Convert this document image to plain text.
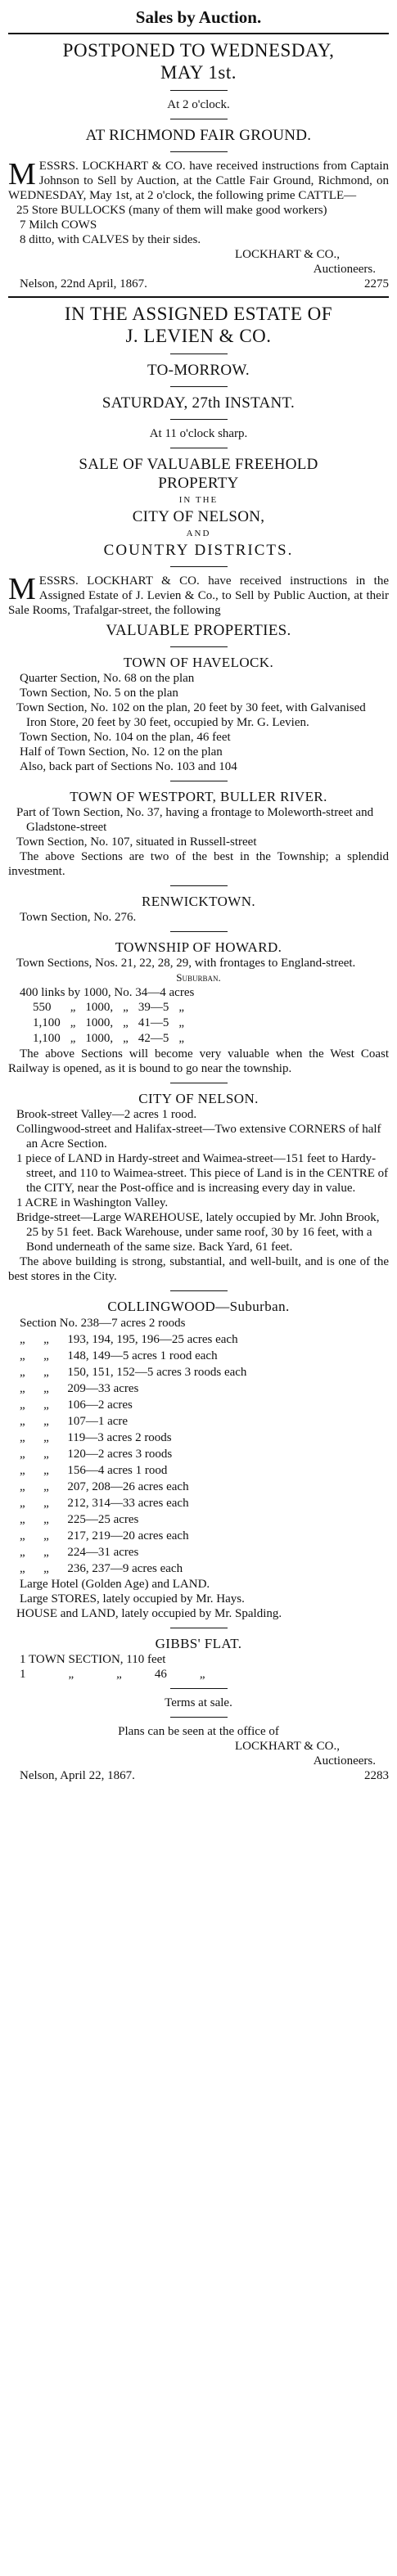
Sales by Auction.
POSTPONED TO WEDNESDAY,
MAY 1st.
At 2 o'clock.
AT RICHMOND FAIR GROUND.
MESSRS. LOCKHART & CO. have received instructions from Captain Johnson to Sell by Auction, at the Cattle Fair Ground, Richmond, on WEDNESDAY, May 1st, at 2 o'clock, the following prime CATTLE—
25 Store BULLOCKS (many of them will make good workers)
7 Milch COWS
8 ditto, with CALVES by their sides.
LOCKHART & CO.,
Auctioneers.
Nelson, 22nd April, 1867.	2275
IN THE ASSIGNED ESTATE OF
J. LEVIEN & CO.
TO-MORROW.
SATURDAY, 27th INSTANT.
At 11 o'clock sharp.
SALE OF VALUABLE FREEHOLD
PROPERTY
IN THE
CITY OF NELSON,
AND
COUNTRY DISTRICTS.
MESSRS. LOCKHART & CO. have received instructions in the Assigned Estate of J. Levien & Co., to Sell by Public Auction, at their Sale Rooms, Trafalgar-street, the following
VALUABLE PROPERTIES.
TOWN OF HAVELOCK.
Quarter Section, No. 68 on the plan
Town Section, No. 5 on the plan
Town Section, No. 102 on the plan, 20 feet by 30 feet, with Galvanised Iron Store, 20 feet by 30 feet, occupied by Mr. G. Levien.
Town Section, No. 104 on the plan, 46 feet
Half of Town Section, No. 12 on the plan
Also, back part of Sections No. 103 and 104
TOWN OF WESTPORT, BULLER RIVER.
Part of Town Section, No. 37, having a frontage to Moleworth-street and Gladstone-street
Town Section, No. 107, situated in Russell-street
The above Sections are two of the best in the Township; a splendid investment.
RENWICKTOWN.
Town Section, No. 276.
TOWNSHIP OF HOWARD.
Town Sections, Nos. 21, 22, 28, 29, with frontages to England-street.
Suburban.
400 links by 1000, No. 34—4 acres
550	„	1000,	„	39—5	„
1,100	„	1000,	„	41—5	„
1,100	„	1000,	„	42—5	„
The above Sections will become very valuable when the West Coast Railway is opened, as it is bound to go near the township.
CITY OF NELSON.
Brook-street Valley—2 acres 1 rood.
Collingwood-street and Halifax-street—Two extensive CORNERS of half an Acre Section.
1 piece of LAND in Hardy-street and Waimea-street—151 feet to Hardy-street, and 110 to Waimea-street. This piece of Land is in the CENTRE of the CITY, near the Post-office and is increasing every day in value.
1 ACRE in Washington Valley.
Bridge-street—Large WAREHOUSE, lately occupied by Mr. John Brook, 25 by 51 feet. Back Warehouse, under same roof, 30 by 16 feet, with a Bond underneath of the same size. Back Yard, 61 feet.
The above building is strong, substantial, and well-built, and is one of the best stores in the City.
COLLINGWOOD—Suburban.
Section No. 238—7 acres 2 roods
„      „      193, 194, 195, 196—25 acres each
„      „      148, 149—5 acres 1 rood each
„      „      150, 151, 152—5 acres 3 roods each
„      „      209—33 acres
„      „      106—2 acres
„      „      107—1 acre
„      „      119—3 acres 2 roods
„      „      120—2 acres 3 roods
„      „      156—4 acres 1 rood
„      „      207, 208—26 acres each
„      „      212, 314—33 acres each
„      „      225—25 acres
„      „      217, 219—20 acres each
„      „      224—31 acres
„      „      236, 237—9 acres each
Large Hotel (Golden Age) and LAND.
Large STORES, lately occupied by Mr. Hays.
HOUSE and LAND, lately occupied by Mr. Spalding.
GIBBS' FLAT.
1 TOWN SECTION, 110 feet
1	„	„	46	„
Terms at sale.
Plans can be seen at the office of
LOCKHART & CO.,
Auctioneers.
Nelson, April 22, 1867.	2283
